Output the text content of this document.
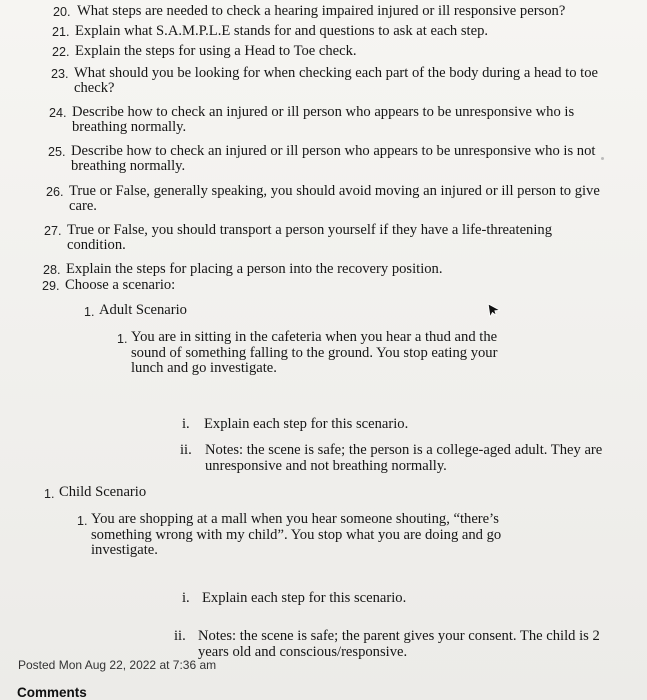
20. What steps are needed to check a hearing impaired injured or ill responsive person?
21. Explain what S.A.M.P.L.E stands for and questions to ask at each step.
22. Explain the steps for using a Head to Toe check.
23. What should you be looking for when checking each part of the body during a head to toe check?
24. Describe how to check an injured or ill person who appears to be unresponsive who is breathing normally.
25. Describe how to check an injured or ill person who appears to be unresponsive who is not breathing normally.
26. True or False, generally speaking, you should avoid moving an injured or ill person to give care.
27. True or False, you should transport a person yourself if they have a life-threatening condition.
28. Explain the steps for placing a person into the recovery position.
29. Choose a scenario:
1. Adult Scenario
1. You are in sitting in the cafeteria when you hear a thud and the sound of something falling to the ground. You stop eating your lunch and go investigate.
i. Explain each step for this scenario.
ii. Notes: the scene is safe; the person is a college-aged adult. They are unresponsive and not breathing normally.
1. Child Scenario
1. You are shopping at a mall when you hear someone shouting, “there’s something wrong with my child”. You stop what you are doing and go investigate.
i. Explain each step for this scenario.
ii. Notes: the scene is safe; the parent gives your consent. The child is 2 years old and conscious/responsive.
Posted Mon Aug 22, 2022 at 7:36 am
Comments
